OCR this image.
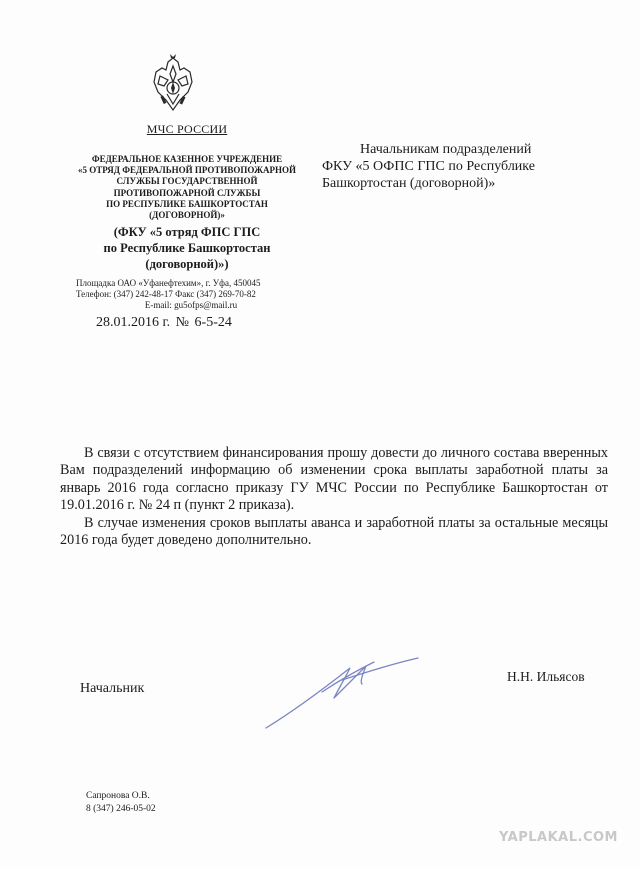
МЧС РОССИИ
ФЕДЕРАЛЬНОЕ КАЗЕННОЕ УЧРЕЖДЕНИЕ
«5 ОТРЯД ФЕДЕРАЛЬНОЙ ПРОТИВОПОЖАРНОЙ
СЛУЖБЫ ГОСУДАРСТВЕННОЙ
ПРОТИВОПОЖАРНОЙ СЛУЖБЫ
ПО РЕСПУБЛИКЕ БАШКОРТОСТАН
(ДОГОВОРНОЙ)»
(ФКУ «5 отряд ФПС ГПС
по Республике Башкортостан
(договорной)»)
Площадка ОАО «Уфанефтехим», г. Уфа, 450045
Телефон: (347) 242-48-17 Факс (347) 269-70-82
E-mail: gu5ofps@mail.ru
28.01.2016 г. № 6-5-24
Начальникам подразделений
ФКУ «5 ОФПС ГПС по Республике
Башкортостан (договорной)»

В связи с отсутствием финансирования прошу довести до личного состава вверенных Вам подразделений информацию об изменении срока выплаты заработной платы за январь 2016 года согласно приказу ГУ МЧС России по Республике Башкортостан от 19.01.2016 г. № 24 п (пункт 2 приказа).

В случае изменения сроков выплаты аванса и заработной платы за остальные месяцы 2016 года будет доведено дополнительно.

Начальник
Н.Н. Ильясов
Сапронова О.В.
8 (347) 246-05-02
YAPLAKAL.COM
